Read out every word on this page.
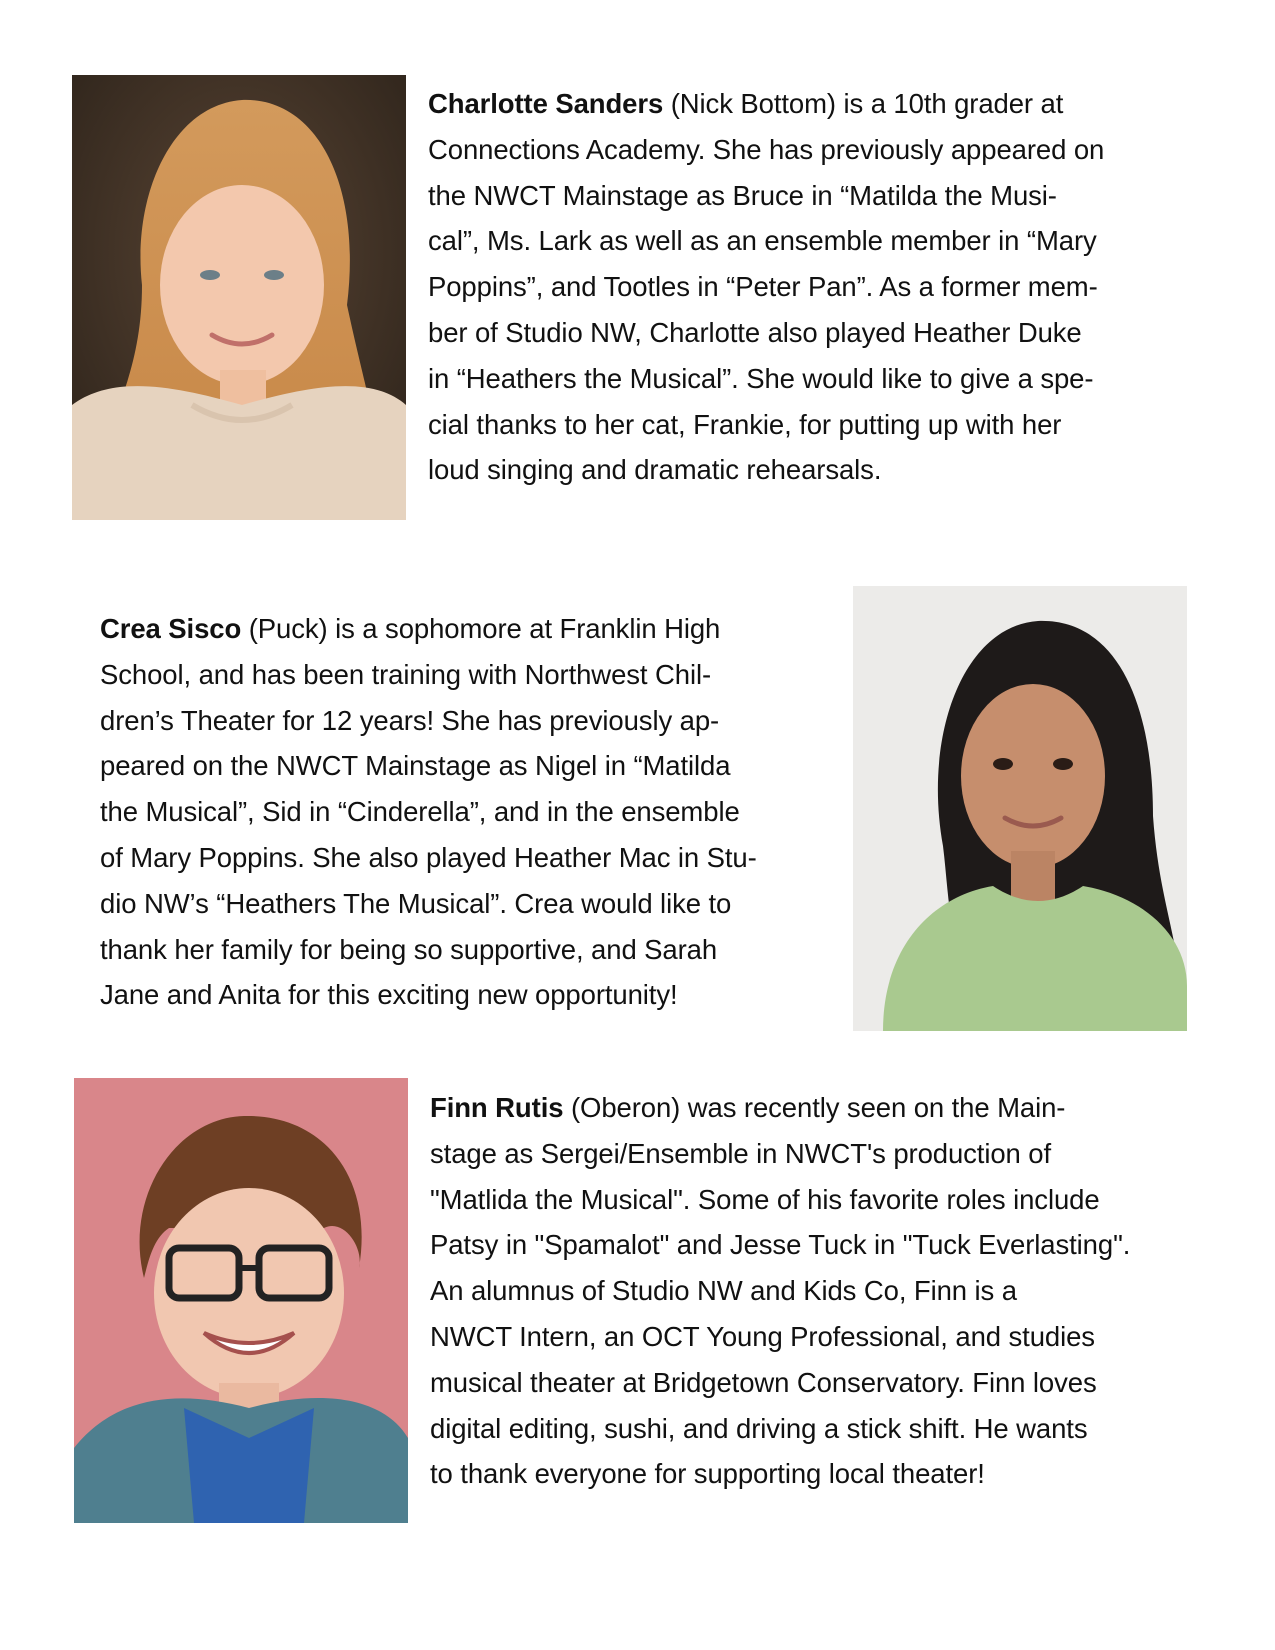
Charlotte Sanders (Nick Bottom) is a 10th grader at
Connections Academy. She has previously appeared on
the NWCT Mainstage as Bruce in “Matilda the Musi-
cal”, Ms. Lark as well as an ensemble member in “Mary
Poppins”, and Tootles in “Peter Pan”. As a former mem-
ber of Studio NW, Charlotte also played Heather Duke
in “Heathers the Musical”. She would like to give a spe-
cial thanks to her cat, Frankie, for putting up with her
loud singing and dramatic rehearsals.

Crea Sisco (Puck) is a sophomore at Franklin High
School, and has been training with Northwest Chil-
dren’s Theater for 12 years! She has previously ap-
peared on the NWCT Mainstage as Nigel in “Matilda
the Musical”, Sid in “Cinderella”, and in the ensemble
of Mary Poppins. She also played Heather Mac in Stu-
dio NW’s “Heathers The Musical”. Crea would like to
thank her family for being so supportive, and Sarah
Jane and Anita for this exciting new opportunity!

Finn Rutis (Oberon) was recently seen on the Main-
stage as Sergei/Ensemble in NWCT's production of
"Matlida the Musical". Some of his favorite roles include
Patsy in "Spamalot" and Jesse Tuck in "Tuck Everlasting".
An alumnus of Studio NW and Kids Co, Finn is a
NWCT Intern, an OCT Young Professional, and studies
musical theater at Bridgetown Conservatory. Finn loves
digital editing, sushi, and driving a stick shift. He wants
to thank everyone for supporting local theater!
